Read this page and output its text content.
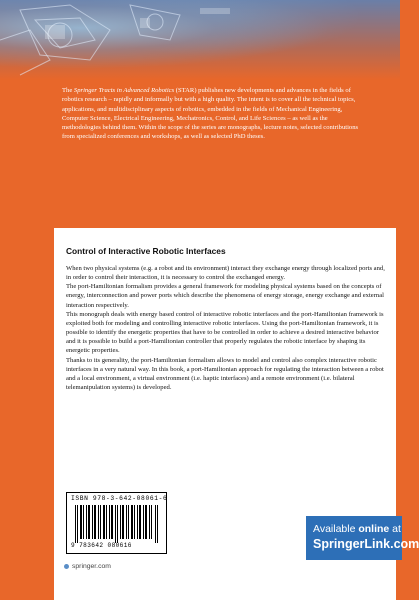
The Springer Tracts in Advanced Robotics (STAR) publishes new developments and advances in the fields of robotics research – rapidly and informally but with a high quality. The intent is to cover all the technical topics, applications, and multidisciplinary aspects of robotics, embedded in the fields of Mechanical Engineering, Computer Science, Electrical Engineering, Mechatronics, Control, and Life Sciences – as well as the methodologies behind them. Within the scope of the series are monographs, lecture notes, selected contributions from specialized conferences and workshops, as well as selected PhD theses.
Control of Interactive Robotic Interfaces

When two physical systems (e.g. a robot and its environment) interact they exchange energy through localized ports and, in order to control their interaction, it is necessary to control the exchanged energy.

The port-Hamiltonian formalism provides a general framework for modeling physical systems based on the concepts of energy, interconnection and power ports which describe the phenomena of energy storage, energy exchange and external interaction respectively.

This monograph deals with energy based control of interactive robotic interfaces and the port-Hamiltonian framework is exploited both for modeling and controlling interactive robotic interfaces. Using the port-Hamiltonian framework, it is possible to identify the energetic properties that have to be controlled in order to achieve a desired interactive behavior and it is possible to build a port-Hamiltonian controller that properly regulates the robotic interface by shaping its energetic properties.

Thanks to its generality, the port-Hamiltonian formalism allows to model and control also complex interactive robotic interfaces in a very natural way. In this book, a port-Hamiltonian approach for regulating the interaction between a robot and a local environment, a virtual environment (i.e. haptic interfaces) and a remote environment (i.e. bilateral telemanipulation systems) is developed.

ISBN 978-3-642-08061-6
9 783642 080616
springer.com
Available online at
SpringerLink.com
